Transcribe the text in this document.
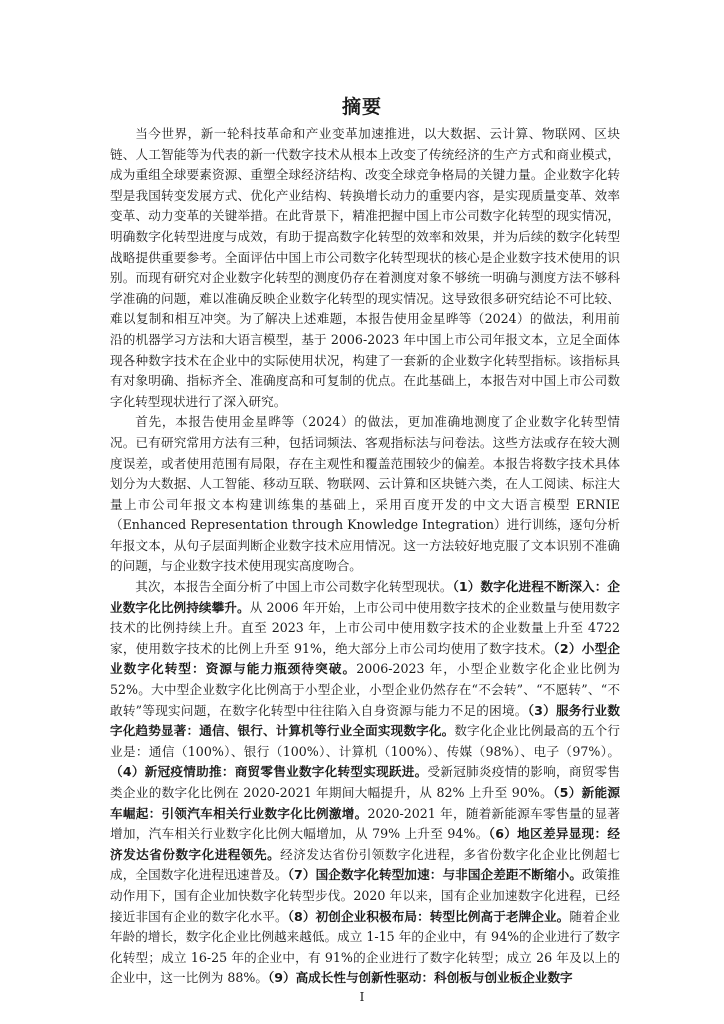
摘要

当今世界，新一轮科技革命和产业变革加速推进，以大数据、云计算、物联网、区块链、人工智能等为代表的新一代数字技术从根本上改变了传统经济的生产方式和商业模式，成为重组全球要素资源、重塑全球经济结构、改变全球竞争格局的关键力量。企业数字化转型是我国转变发展方式、优化产业结构、转换增长动力的重要内容，是实现质量变革、效率变革、动力变革的关键举措。在此背景下，精准把握中国上市公司数字化转型的现实情况，明确数字化转型进度与成效，有助于提高数字化转型的效率和效果，并为后续的数字化转型战略提供重要参考。全面评估中国上市公司数字化转型现状的核心是企业数字技术使用的识别。而现有研究对企业数字化转型的测度仍存在着测度对象不够统一明确与测度方法不够科学准确的问题，难以准确反映企业数字化转型的现实情况。这导致很多研究结论不可比较、难以复制和相互冲突。为了解决上述难题，本报告使用金星晔等（2024）的做法，利用前沿的机器学习方法和大语言模型，基于 2006-2023 年中国上市公司年报文本，立足全面体现各种数字技术在企业中的实际使用状况，构建了一套新的企业数字化转型指标。该指标具有对象明确、指标齐全、准确度高和可复制的优点。在此基础上，本报告对中国上市公司数字化转型现状进行了深入研究。

首先，本报告使用金星晔等（2024）的做法，更加准确地测度了企业数字化转型情况。已有研究常用方法有三种，包括词频法、客观指标法与问卷法。这些方法或存在较大测度误差，或者使用范围有局限，存在主观性和覆盖范围较少的偏差。本报告将数字技术具体划分为大数据、人工智能、移动互联、物联网、云计算和区块链六类，在人工阅读、标注大量上市公司年报文本构建训练集的基础上，采用百度开发的中文大语言模型 ERNIE（Enhanced Representation through Knowledge Integration）进行训练，逐句分析年报文本，从句子层面判断企业数字技术应用情况。这一方法较好地克服了文本识别不准确的问题，与企业数字技术使用现实高度吻合。

其次，本报告全面分析了中国上市公司数字化转型现状。（1）数字化进程不断深入：企业数字化比例持续攀升。从 2006 年开始，上市公司中使用数字技术的企业数量与使用数字技术的比例持续上升。直至 2023 年，上市公司中使用数字技术的企业数量上升至 4722 家，使用数字技术的比例上升至 91%，绝大部分上市公司均使用了数字技术。（2）小型企业数字化转型：资源与能力瓶颈待突破。2006-2023 年，小型企业数字化企业比例为 52%。大中型企业数字化比例高于小型企业，小型企业仍然存在“不会转”、“不愿转”、“不敢转”等现实问题，在数字化转型中往往陷入自身资源与能力不足的困境。（3）服务行业数字化趋势显著：通信、银行、计算机等行业全面实现数字化。数字化企业比例最高的五个行业是：通信（100%）、银行（100%）、计算机（100%）、传媒（98%）、电子（97%）。（4）新冠疫情助推：商贸零售业数字化转型实现跃进。受新冠肺炎疫情的影响，商贸零售类企业的数字化比例在 2020-2021 年期间大幅提升，从 82% 上升至 90%。（5）新能源车崛起：引领汽车相关行业数字化比例激增。2020-2021 年，随着新能源车零售量的显著增加，汽车相关行业数字化比例大幅增加，从 79% 上升至 94%。（6）地区差异显现：经济发达省份数字化进程领先。经济发达省份引领数字化进程，多省份数字化企业比例超七成，全国数字化进程迅速普及。（7）国企数字化转型加速：与非国企差距不断缩小。政策推动作用下，国有企业加快数字化转型步伐。2020 年以来，国有企业加速数字化进程，已经接近非国有企业的数字化水平。（8）初创企业积极布局：转型比例高于老牌企业。随着企业年龄的增长，数字化企业比例越来越低。成立 1-15 年的企业中，有 94%的企业进行了数字化转型；成立 16-25 年的企业中，有 91%的企业进行了数字化转型；成立 26 年及以上的企业中，这一比例为 88%。（9）高成长性与创新性驱动：科创板与创业板企业数字

I
